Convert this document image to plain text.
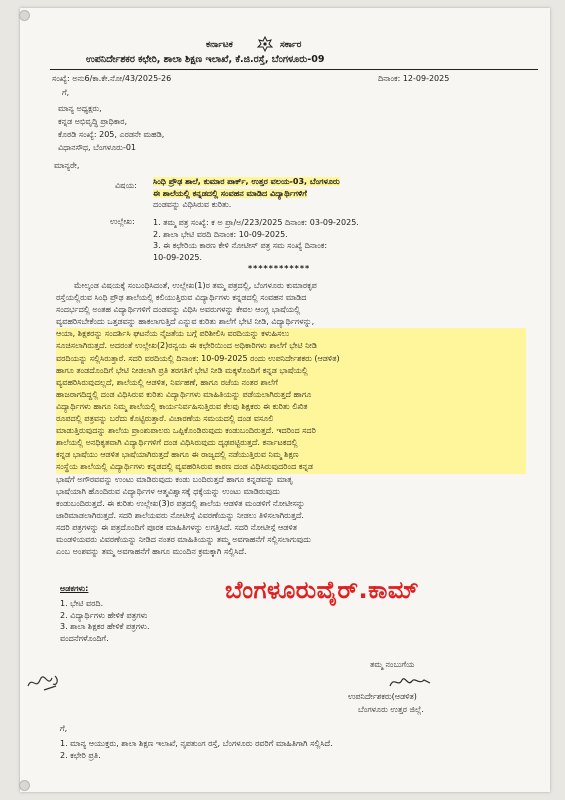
ಕರ್ನಾಟಕ	ಸರ್ಕಾರ
ಉಪನಿರ್ದೇಶಕರ ಕಛೇರಿ, ಶಾಲಾ ಶಿಕ್ಷಣ ಇಲಾಖೆ, ಕೆ.ಜಿ.ರಸ್ತೆ, ಬೆಂಗಳೂರು-09
ಸಂಖ್ಯೆ: ಅನು6/ಕಾ.ಕೇ.ನೋ/43/2025-26	ದಿನಾಂಕ: 12-09-2025
ಗೆ,
ಮಾನ್ಯ ಅಧ್ಯಕ್ಷರು,
ಕನ್ನಡ ಅಭಿವೃದ್ಧಿ ಪ್ರಾಧಿಕಾರ,
ಕೊಠಡಿ ಸಂಖ್ಯೆ: 205, ಎರಡನೇ ಮಹಡಿ,
ವಿಧಾನಸೌಧ, ಬೆಂಗಳೂರು-01
ಮಾನ್ಯರೇ,
ವಿಷಯ: ಸಿಂಧಿ ಪ್ರೌಢ ಶಾಲೆ, ಕುಮಾರ ಪಾರ್ಕ್, ಉತ್ತರ ವಲಯ-03, ಬೆಂಗಳೂರು
ಈ ಶಾಲೆಯಲ್ಲಿ ಕನ್ನಡದಲ್ಲಿ ಸಂವಹನ ಮಾಡಿದ ವಿದ್ಯಾರ್ಥಿಗಳಿಗೆ
ದಂಡವನ್ನು ವಿಧಿಸಿರುವ ಕುರಿತು.
ಉಲ್ಲೇಖ: 1. ತಮ್ಮ ಪತ್ರ ಸಂಖ್ಯೆ: ಕ ಅ ಪ್ರಾ/ಅ/223/2025 ದಿನಾಂಕ: 03-09-2025.
2. ಶಾಲಾ ಭೇಟಿ ವರದಿ ದಿನಾಂಕ: 10-09-2025.
3. ಈ ಕಛೇರಿಯ ಕಾರಣ ಕೇಳಿ ನೋಟೀಸ್ ಪತ್ರ ಸಮ ಸಂಖ್ಯೆ ದಿನಾಂಕ:
10-09-2025.
************
ಮೇಲ್ಕಂಡ ವಿಷಯಕ್ಕೆ ಸಂಬಂಧಿಸಿದಂತೆ, ಉಲ್ಲೇಖ(1)ರ ತಮ್ಮ ಪತ್ರದಲ್ಲಿ, ಬೆಂಗಳೂರು ಕುಮಾರಕೃಪ
ರಸ್ತೆಯಲ್ಲಿರುವ ಸಿಂಧಿ ಪ್ರೌಢ ಶಾಲೆಯಲ್ಲಿ ಕಲಿಯುತ್ತಿರುವ ವಿದ್ಯಾರ್ಥಿಗಳು ಕನ್ನಡದಲ್ಲಿ ಸಂವಹನ ಮಾಡಿದ
ಸಂದರ್ಭದಲ್ಲಿ ಅಂತಹ ವಿದ್ಯಾರ್ಥಿಗಳಿಗೆ ದಂಡವನ್ನು ವಿಧಿಸಿ ಅವರುಗಳನ್ನು ಕೇವಲ ಆಂಗ್ಲ ಭಾಷೆಯಲ್ಲಿ
ವ್ಯವಹರಿಸಬೇಕೆಂದು ಒತ್ತಡವನ್ನು ಹಾಕಲಾಗುತ್ತಿದೆ ಎನ್ನುವ ಕುರಿತು ಶಾಲೆಗೆ ಭೇಟಿ ನೀಡಿ, ವಿದ್ಯಾರ್ಥಿಗಳನ್ನು,
ಆಯಾ, ಶಿಕ್ಷಕರನ್ನು ಸಂದರ್ಶಿಸಿ ಘಟನೆಯ ನೈಜತೆಯ ಬಗ್ಗೆ ಪರಿಶೀಲಿಸಿ ವರದಿಯನ್ನು ಕಳುಹಿಸಲು
ಸೂಚಿಸಲಾಗಿರುತ್ತದೆ. ಅದರಂತೆ ಉಲ್ಲೇಖ(2)ರನ್ವಯ ಈ ಕಛೇರಿಯಿಂದ ಅಧಿಕಾರಿಗಳು ಶಾಲೆಗೆ ಭೇಟಿ ನೀಡಿ
ವರದಿಯನ್ನು ಸಲ್ಲಿಸಿರುತ್ತಾರೆ. ಸದರಿ ವರದಿಯಲ್ಲಿ ದಿನಾಂಕ: 10-09-2025 ರಂದು ಉಪನಿರ್ದೇಶಕರು (ಆಡಳಿತ)
ಹಾಗೂ ತಂಡದೊಂದಿಗೆ ಭೇಟಿ ನೀಡಲಾಗಿ ಪ್ರತಿ ತರಗತಿಗೆ ಭೇಟಿ ನೀಡಿ ಮಕ್ಕಳೊಂದಿಗೆ ಕನ್ನಡ ಭಾಷೆಯಲ್ಲಿ
ವ್ಯವಹರಿಸಿರುವುದಲ್ಲದೆ, ಶಾಲೆಯಲ್ಲಿ ಆಡಳಿತ, ನಿರ್ವಹಣೆ, ಹಾಗೂ ರಜೆಯ ನಂತರ ಶಾಲೆಗೆ
ಹಾಜರಾಗದಿದ್ದಲ್ಲಿ ದಂಡ ವಿಧಿಸಿರುವ ಕುರಿತು ವಿದ್ಯಾರ್ಥಿಗಳು ಮಾಹಿತಿಯನ್ನು ಪಡೆಯಲಾಗಿರುತ್ತದೆ ಹಾಗೂ
ವಿದ್ಯಾರ್ಥಿಗಳು ಹಾಗೂ ನಿಮ್ಮ ಶಾಲೆಯಲ್ಲಿ ಕಾರ್ಯನಿರ್ವಹಿಸುತ್ತಿರುವ ಕೆಲವು ಶಿಕ್ಷಕರು ಈ ಕುರಿತು ಲಿಖಿತ
ರೂಪದಲ್ಲಿ ಪತ್ರವನ್ನು ಬರೆದು ಕೊಟ್ಟಿರುತ್ತಾರೆ. ವಿಚಾರಣೆಯ ಸಮಯದಲ್ಲಿ ದಂಡ ವಸೂಲಿ
ಮಾಡುತ್ತಿರುವುದನ್ನು ಶಾಲೆಯ ಪ್ರಾಂಶುಪಾಲರು ಒಪ್ಪಿಕೊಂಡಿರುವುದು ಕಂಡುಬಂದಿರುತ್ತದೆ. ಇದರಿಂದ ಸದರಿ
ಶಾಲೆಯಲ್ಲಿ ಅನಧಿಕೃತವಾಗಿ ವಿದ್ಯಾರ್ಥಿಗಳಿಗೆ ದಂಡ ವಿಧಿಸಿರುವುದು ದೃಢಪಟ್ಟಿರುತ್ತದೆ. ಕರ್ನಾಟಕದಲ್ಲಿ
ಕನ್ನಡ ಭಾಷೆಯು ಆಡಳಿತ ಭಾಷೆಯಾಗಿರುತ್ತದೆ ಹಾಗೂ ಈ ರಾಜ್ಯದಲ್ಲಿ ನಡೆಯುತ್ತಿರುವ ನಿಮ್ಮ ಶಿಕ್ಷಣ
ಸಂಸ್ಥೆಯ ಶಾಲೆಯಲ್ಲಿ ವಿದ್ಯಾರ್ಥಿಗಳು ಕನ್ನಡದಲ್ಲಿ ವ್ಯವಹರಿಸಿರುವ ಕಾರಣ ದಂಡ ವಿಧಿಸಿರುವುದರಿಂದ ಕನ್ನಡ
ಭಾಷೆಗೆ ಅಗೌರವವನ್ನು ಉಂಟು ಮಾಡಿರುವುದು ಕಂಡು ಬಂದಿರುತ್ತದೆ ಹಾಗೂ ಕನ್ನಡವನ್ನು ಮಾತೃ
ಭಾಷೆಯಾಗಿ ಹೊಂದಿರುವ ವಿದ್ಯಾರ್ಥಿಗಳ ಆತ್ಮವಿಶ್ವಾಸಕ್ಕೆ ಧಕ್ಕೆಯನ್ನು ಉಂಟು ಮಾಡಿರುವುದು
ಕಂಡುಬಂದಿರುತ್ತದೆ. ಈ ಕುರಿತು ಉಲ್ಲೇಖ(3)ರ ಪತ್ರದಲ್ಲಿ ಶಾಲೆಯ ಆಡಳಿತ ಮಂಡಳಿಗೆ ನೋಟೀಸನ್ನು
ಜಾರಿಮಾಡಲಾಗಿರುತ್ತದೆ. ಸದರಿ ಶಾಲೆಯವರು ನೋಟೀಸ್ಗೆ ವಿವರಣೆಯನ್ನು ನೀಡಲು ತಿಳಿಸಲಾಗಿರುತ್ತದೆ.
ಸದರಿ ಪತ್ರಗಳನ್ನು ಈ ಪತ್ರದೊಂದಿಗೆ ಪೂರಕ ಮಾಹಿತಿಗಳನ್ನು ಲಗತ್ತಿಸಿದೆ. ಸದರಿ ನೋಟೀಸ್ಗೆ ಆಡಳಿತ
ಮಂಡಳಿಯವರು ವಿವರಣೆಯನ್ನು ನೀಡಿದ ನಂತರ ಮಾಹಿತಿಯನ್ನು ತಮ್ಮ ಅವಗಾಹನೆಗೆ ಸಲ್ಲಿಸಲಾಗುವುದು
ಎಂಬ ಅಂಶವನ್ನು ತಮ್ಮ ಅವಗಾಹನೆಗೆ ಹಾಗೂ ಮುಂದಿನ ಕ್ರಮಕ್ಕಾಗಿ ಸಲ್ಲಿಸಿದೆ.
ಬೆಂಗಳೂರುವೈರ್.ಕಾಮ್
ಅಡಕಗಳು:
1. ಭೇಟಿ ವರದಿ.
2. ವಿದ್ಯಾರ್ಥಿಗಳು ಹೇಳಿಕೆ ಪತ್ರಗಳು
3. ಶಾಲಾ ಶಿಕ್ಷಕರ ಹೇಳಿಕೆ ಪತ್ರಗಳು.
ವಂದನೆಗಳೊಂದಿಗೆ.
ತಮ್ಮ ನಂಬುಗೆಯ
ಉಪನಿರ್ದೇಶಕರು(ಆಡಳಿತ)
ಬೆಂಗಳೂರು ಉತ್ತರ ಜಿಲ್ಲೆ.
ಗೆ,
1. ಮಾನ್ಯ ಆಯುಕ್ತರು, ಶಾಲಾ ಶಿಕ್ಷಣ ಇಲಾಖೆ, ನೃಪತುಂಗ ರಸ್ತೆ, ಬೆಂಗಳೂರು ರವರಿಗೆ ಮಾಹಿತಿಗಾಗಿ ಸಲ್ಲಿಸಿದೆ.
2. ಕಛೇರಿ ಪ್ರತಿ.
